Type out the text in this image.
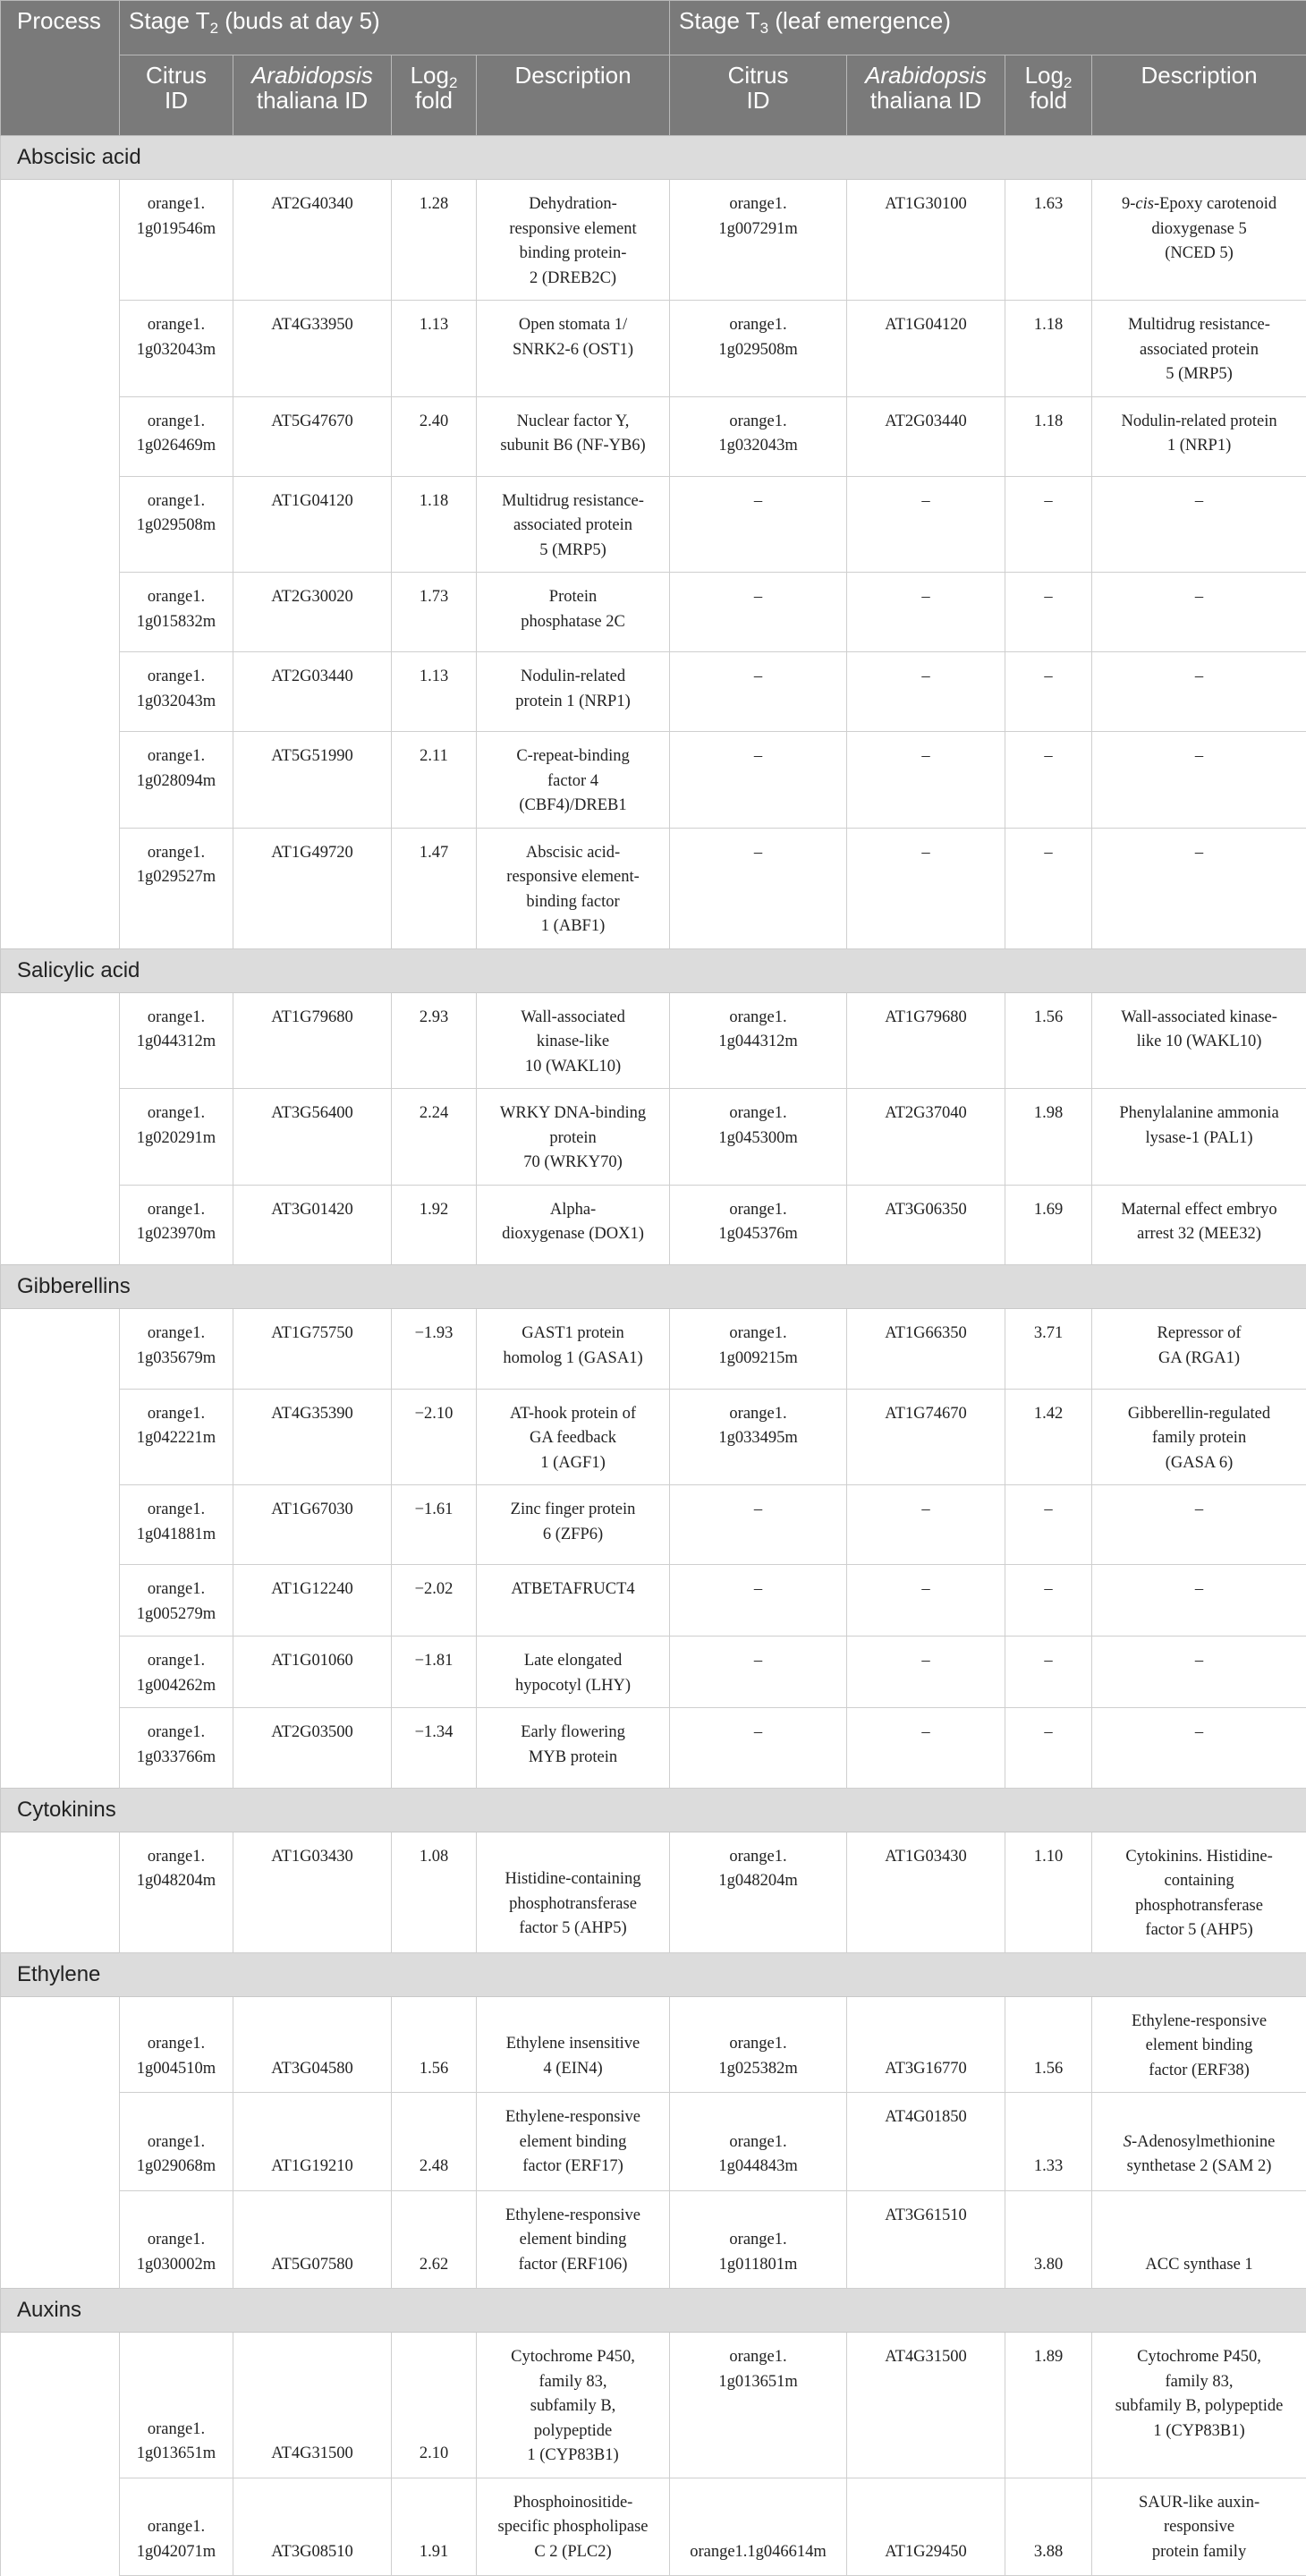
Process	Stage $T_2$ (buds at day 5)				Stage $T_3$ (leaf emergence)			
	Citrus
ID	Arabidopsis thaliana ID	Log$_2$
fold	Description	Citrus
ID	Arabidopsis
thaliana ID	Log$_2$
fold	Description
Abscisic acid								
	orange1.
1g019546m	AT2G40340	1.28	Dehydration-
responsive element
binding protein-
2 (DREB2C)	orange1.
1g007291m	AT1G30100	1.63	9-cis-Epoxy carotenoid
dioxygenase 5
(NCED 5)
	orange1.
1g032043m	AT4G33950	1.13	Open stomata 1/
SNRK2-6 (OST1)	orange1.
1g029508m	AT1G04120	1.18	Multidrug resistance-
associated protein
5 (MRP5)
	orange1.
1g026469m	AT5G47670	2.40	Nuclear factor Y,
subunit B6 (NF-YB6)	orange1.
1g032043m	AT2G03440	1.18	Nodulin-related protein
1 (NRP1)
	orange1.
1g029508m	AT1G04120	1.18	Multidrug resistance-
associated protein
5 (MRP5)	–	–	–	–
	orange1.
1g015832m	AT2G30020	1.73	Protein
phosphatase 2C	–	–	–	–
	orange1.
1g032043m	AT2G03440	1.13	Nodulin-related
protein 1 (NRP1)	–	–	–	–
	orange1.
1g028094m	AT5G51990	2.11	C-repeat-binding
factor 4
(CBF4)/DREB1	–	–	–	–
	orange1.
1g029527m	AT1G49720	1.47	Abscisic acid-
responsive element-
binding factor
1 (ABF1)	–	–	–	–
Salicylic acid								
	orange1.
1g044312m	AT1G79680	2.93	Wall-associated
kinase-like
10 (WAKL10)	orange1.
1g044312m	AT1G79680	1.56	Wall-associated kinase-
like 10 (WAKL10)
	orange1.
1g020291m	AT3G56400	2.24	WRKY DNA-binding
protein
70 (WRKY70)	orange1.
1g045300m	AT2G37040	1.98	Phenylalanine ammonia
lysase-1 (PAL1)
	orange1.
1g023970m	AT3G01420	1.92	Alpha-
dioxygenase (DOX1)	orange1.
1g045376m	AT3G06350	1.69	Maternal effect embryo
arrest 32 (MEE32)
Gibberellins								
	orange1.
1g035679m	AT1G75750	−1.93	GAST1 protein
homolog 1 (GASA1)	orange1.
1g009215m	AT1G66350	3.71	Repressor of
GA (RGA1)
	orange1.
1g042221m	AT4G35390	−2.10	AT-hook protein of
GA feedback
1 (AGF1)	orange1.
1g033495m	AT1G74670	1.42	Gibberellin-regulated
family protein
(GASA 6)
	orange1.
1g041881m	AT1G67030	−1.61	Zinc finger protein
6 (ZFP6)	–	–	–	–
	orange1.
1g005279m	AT1G12240	−2.02	ATBETAFRUCT4	–	–	–	–
	orange1.
1g004262m	AT1G01060	−1.81	Late elongated
hypocotyl (LHY)	–	–	–	–
	orange1.
1g033766m	AT2G03500	−1.34	Early flowering
MYB protein	–	–	–	–
Cytokinins								
	orange1.
1g048204m	AT1G03430	1.08	Histidine-containing
phosphotransferase
factor 5 (AHP5)	orange1.
1g048204m	AT1G03430	1.10	Cytokinins. Histidine-
containing
phosphotransferase
factor 5 (AHP5)
Ethylene								
	orange1.
1g004510m	AT3G04580	1.56	Ethylene insensitive
4 (EIN4)	orange1.
1g025382m	AT3G16770	1.56	Ethylene-responsive
element binding
factor (ERF38)
	orange1.
1g029068m	AT1G19210	2.48	Ethylene-responsive
element binding
factor (ERF17)	orange1.
1g044843m	AT4G01850	1.33	S-Adenosylmethionine
synthetase 2 (SAM 2)
	orange1.
1g030002m	AT5G07580	2.62	Ethylene-responsive
element binding
factor (ERF106)	orange1.
1g011801m	AT3G61510	3.80	ACC synthase 1
Auxins								
	orange1.
1g013651m	AT4G31500	2.10	Cytochrome P450,
family 83,
subfamily B,
polypeptide
1 (CYP83B1)	orange1.
1g013651m	AT4G31500	1.89	Cytochrome P450,
family 83,
subfamily B, polypeptide
1 (CYP83B1)
	orange1.
1g042071m	AT3G08510	1.91	Phosphoinositide-
specific phospholipase
C 2 (PLC2)	orange1.1g046614m	AT1G29450	3.88	SAUR-like auxin-
responsive
protein family
